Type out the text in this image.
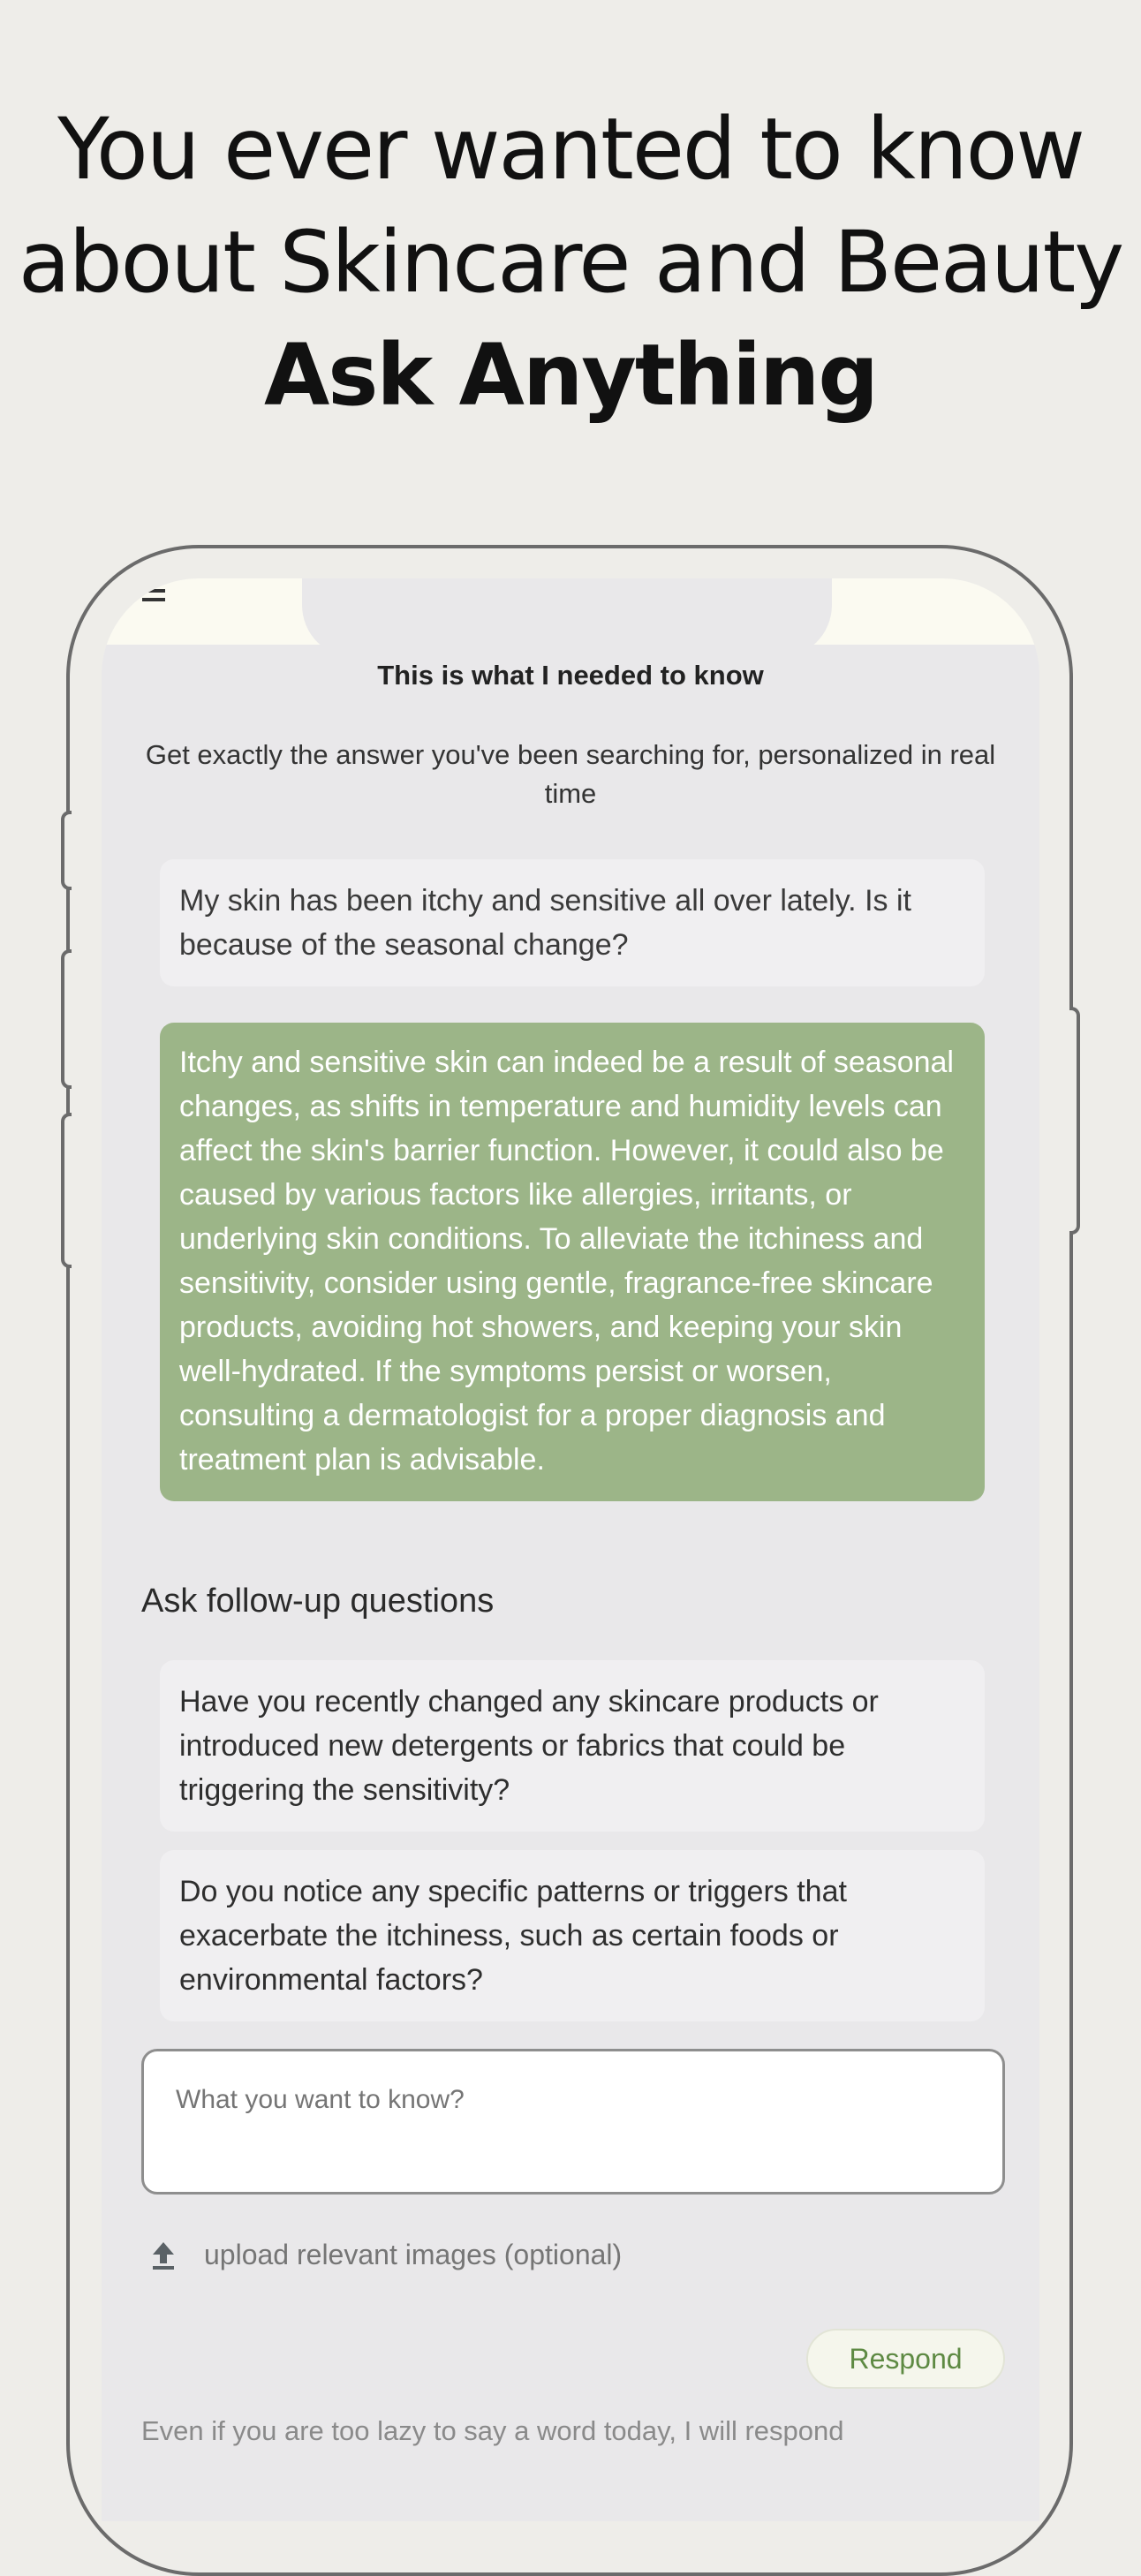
You ever wanted to know
about Skincare and Beauty
Ask Anything
This is what I needed to know
Get exactly the answer you've been searching for, personalized in real time
My skin has been itchy and sensitive all over lately. Is it because of the seasonal change?
Itchy and sensitive skin can indeed be a result of seasonal changes, as shifts in temperature and humidity levels can affect the skin's barrier function. However, it could also be caused by various factors like allergies, irritants, or underlying skin conditions. To alleviate the itchiness and sensitivity, consider using gentle, fragrance-free skincare products, avoiding hot showers, and keeping your skin well-hydrated. If the symptoms persist or worsen, consulting a dermatologist for a proper diagnosis and treatment plan is advisable.
Ask follow-up questions
Have you recently changed any skincare products or introduced new detergents or fabrics that could be triggering the sensitivity?
Do you notice any specific patterns or triggers that exacerbate the itchiness, such as certain foods or environmental factors?
What you want to know?
upload relevant images (optional)
Respond
Even if you are too lazy to say a word today, I will respond
